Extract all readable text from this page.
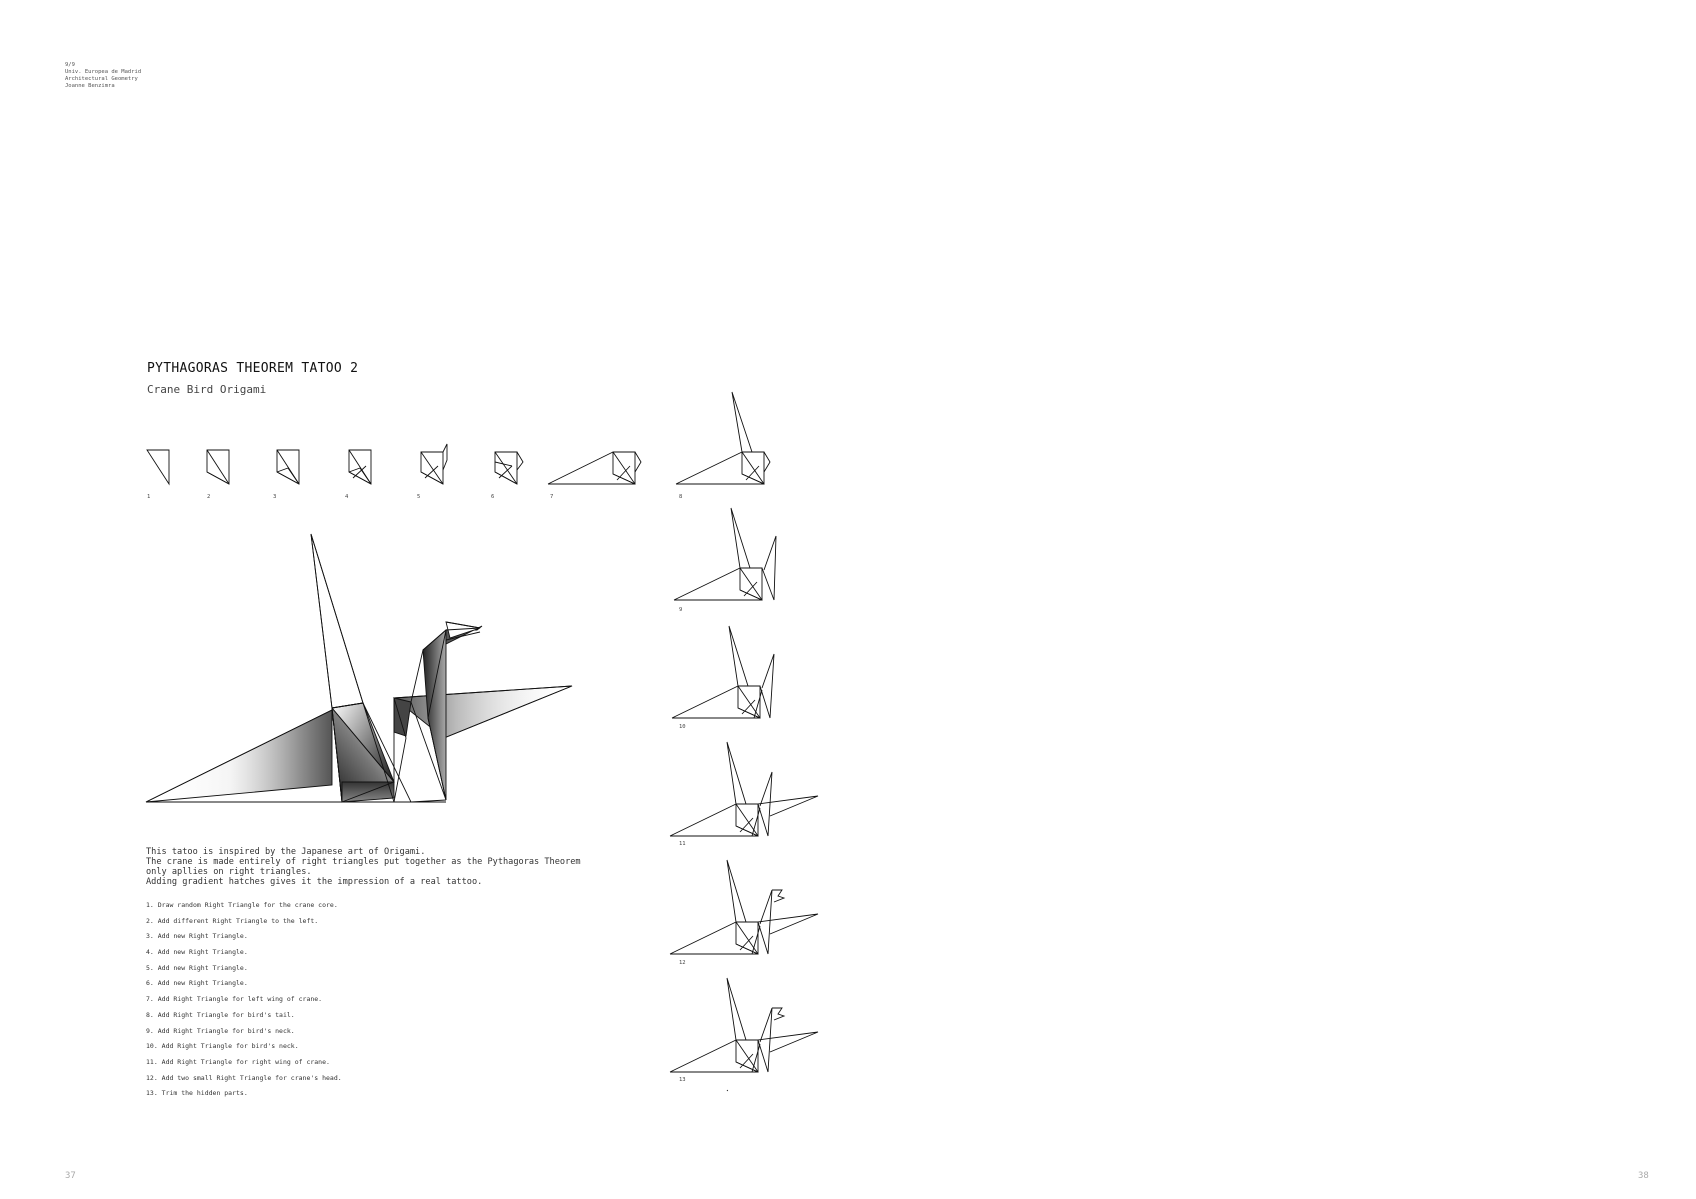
9/9
Univ. Europea de Madrid
Architectural Geometry
Joanne Benzimra
PYTHAGORAS THEOREM TATOO 2
Crane Bird Origami
1	2	3	4	5	6	7	8
9
10
11
12
13
This tatoo is inspired by the Japanese art of Origami.
The crane is made entirely of right triangles put together as the Pythagoras Theorem
only apllies on right triangles.
Adding gradient hatches gives it the impression of a real tattoo.
1. Draw random Right Triangle for the crane core.
2. Add different Right Triangle to the left.
3. Add new Right Triangle.
4. Add new Right Triangle.
5. Add new Right Triangle.
6. Add new Right Triangle.
7. Add Right Triangle for left wing of crane.
8. Add Right Triangle for bird's tail.
9. Add Right Triangle for bird's neck.
10. Add Right Triangle for bird's neck.
11. Add Right Triangle for right wing of crane.
12. Add two small Right Triangle for crane's head.
13. Trim the hidden parts.
37	38
